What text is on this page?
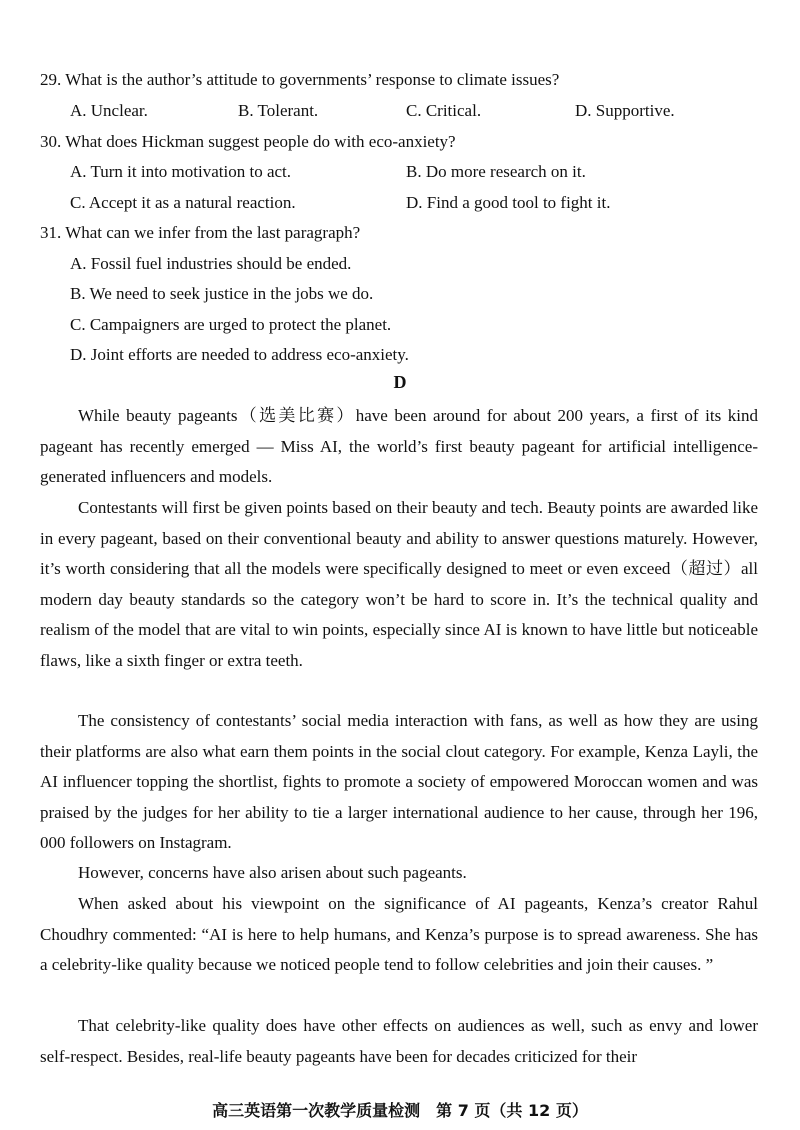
29. What is the author’s attitude to governments’ response to climate issues?
A. Unclear.	B. Tolerant.	C. Critical.	D. Supportive.
30. What does Hickman suggest people do with eco-anxiety?
A. Turn it into motivation to act.	B. Do more research on it.
C. Accept it as a natural reaction.	D. Find a good tool to fight it.
31. What can we infer from the last paragraph?
A. Fossil fuel industries should be ended.
B. We need to seek justice in the jobs we do.
C. Campaigners are urged to protect the planet.
D. Joint efforts are needed to address eco-anxiety.
D

While beauty pageants（选美比赛）have been around for about 200 years, a first of its kind pageant has recently emerged — Miss AI, the world’s first beauty pageant for artificial intelligence-generated influencers and models.

Contestants will first be given points based on their beauty and tech. Beauty points are awarded like in every pageant, based on their conventional beauty and ability to answer questions maturely. However, it’s worth considering that all the models were specifically designed to meet or even exceed（超过）all modern day beauty standards so the category won’t be hard to score in. It’s the technical quality and realism of the model that are vital to win points, especially since AI is known to have little but noticeable flaws, like a sixth finger or extra teeth.

The consistency of contestants’ social media interaction with fans, as well as how they are using their platforms are also what earn them points in the social clout category. For example, Kenza Layli, the AI influencer topping the shortlist, fights to promote a society of empowered Moroccan women and was praised by the judges for her ability to tie a larger international audience to her cause, through her 196, 000 followers on Instagram.

However, concerns have also arisen about such pageants.

When asked about his viewpoint on the significance of AI pageants, Kenza’s creator Rahul Choudhry commented: “AI is here to help humans, and Kenza’s purpose is to spread awareness. She has a celebrity-like quality because we noticed people tend to follow celebrities and join their causes. ”

That celebrity-like quality does have other effects on audiences as well, such as envy and lower self-respect. Besides, real-life beauty pageants have been for decades criticized for their

高三英语第一次教学质量检测　第 7 页（共 12 页）
